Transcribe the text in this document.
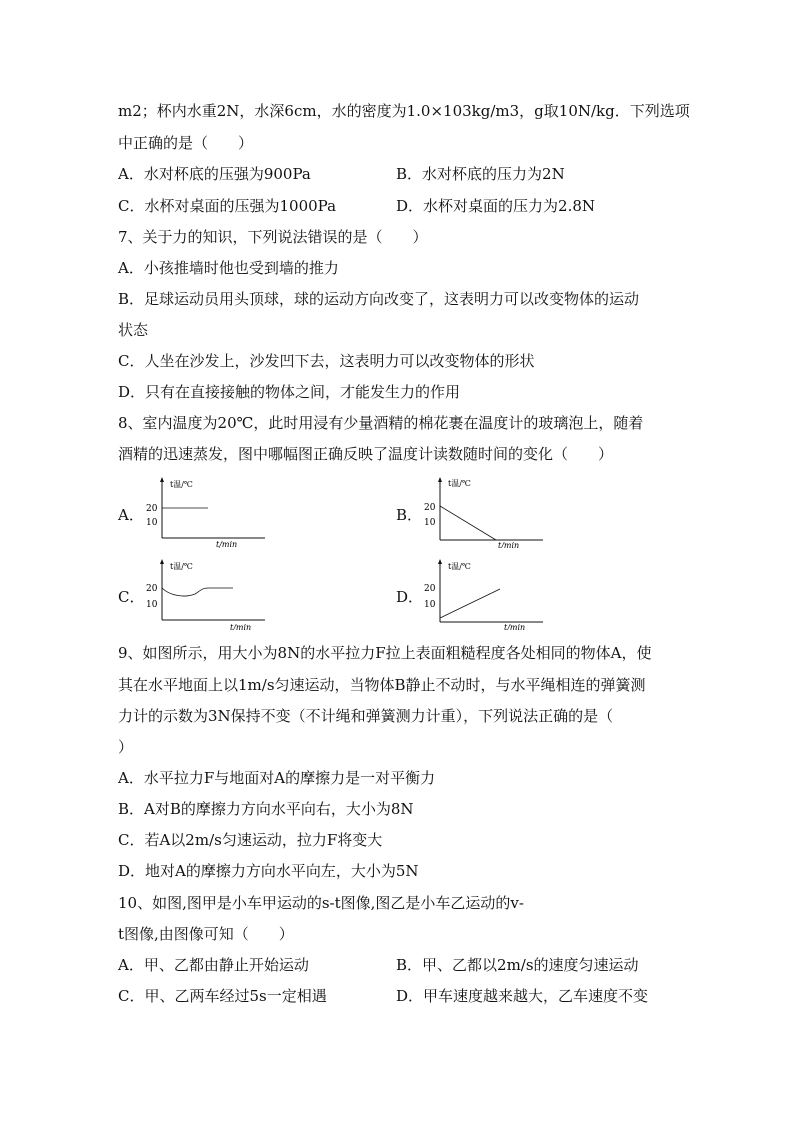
m2；杯内水重2N，水深6cm，水的密度为1.0×103kg/m3，g取10N/kg．下列选项
中正确的是（　　）
A．水对杯底的压强为900Pa	B．水对杯底的压力为2N
C．水杯对桌面的压强为1000Pa	D．水杯对桌面的压力为2.8N
7、关于力的知识，下列说法错误的是（　　）
A．小孩推墙时他也受到墙的推力
B．足球运动员用头顶球，球的运动方向改变了，这表明力可以改变物体的运动
状态
C．人坐在沙发上，沙发凹下去，这表明力可以改变物体的形状
D．只有在直接接触的物体之间，才能发生力的作用
8、室内温度为20℃，此时用浸有少量酒精的棉花裹在温度计的玻璃泡上，随着
酒精的迅速蒸发，图中哪幅图正确反映了温度计读数随时间的变化（　　）
A．
t温/℃
t/min
20
10	B．
t温/℃
t/min
20
10
C．
t温/℃
t/min
20
10	D．
t温/℃
t/min
20
10
9、如图所示，用大小为8N的水平拉力F拉上表面粗糙程度各处相同的物体A，使
其在水平地面上以1m/s匀速运动，当物体B静止不动时，与水平绳相连的弹簧测
力计的示数为3N保持不变（不计绳和弹簧测力计重），下列说法正确的是（
）
A．水平拉力F与地面对A的摩擦力是一对平衡力
B．A对B的摩擦力方向水平向右，大小为8N
C．若A以2m/s匀速运动，拉力F将变大
D．地对A的摩擦力方向水平向左，大小为5N
10、如图,图甲是小车甲运动的s-t图像,图乙是小车乙运动的v-
t图像,由图像可知（　　）
A．甲、乙都由静止开始运动	B．甲、乙都以2m/s的速度匀速运动
C．甲、乙两车经过5s一定相遇	D．甲车速度越来越大，乙车速度不变
